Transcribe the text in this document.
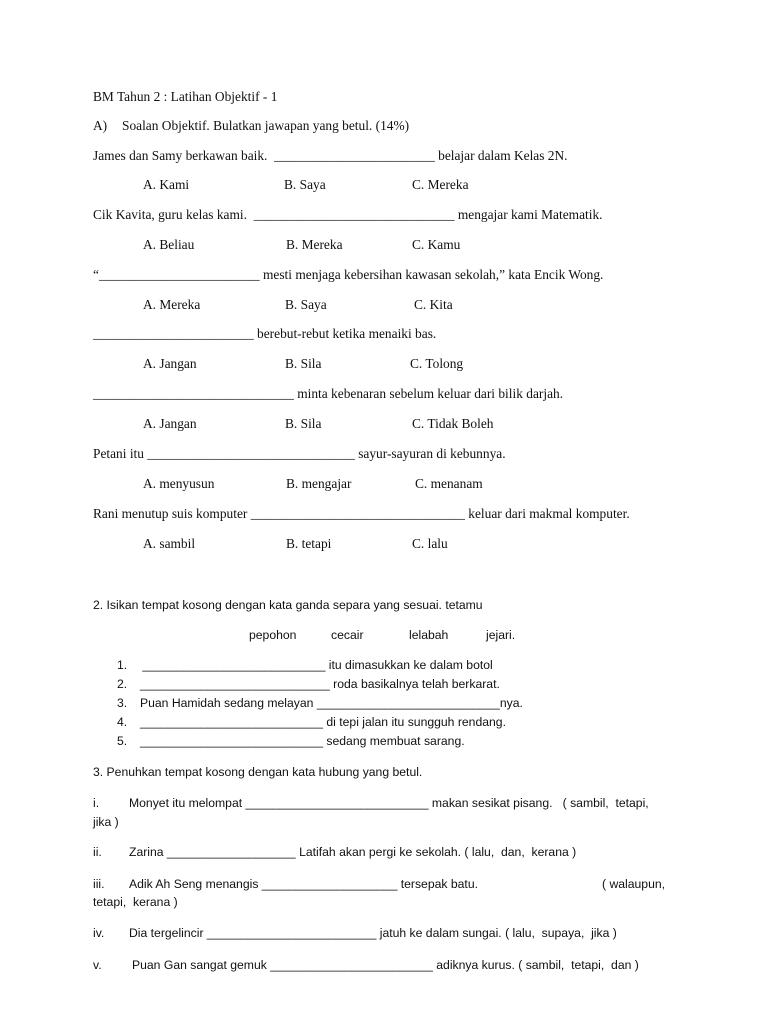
BM Tahun 2 : Latihan Objektif - 1
A) Soalan Objektif. Bulatkan jawapan yang betul. (14%)
James dan Samy berkawan baik.  ________________________ belajar dalam Kelas 2N.
A. Kami	B. Saya	C. Mereka
Cik Kavita, guru kelas kami.  ______________________________ mengajar kami Matematik.
A. Beliau	B. Mereka	C. Kamu
“________________________ mesti menjaga kebersihan kawasan sekolah,” kata Encik Wong.
A. Mereka	B. Saya	C. Kita
________________________ berebut-rebut ketika menaiki bas.
A. Jangan	B. Sila	C. Tolong
______________________________ minta kebenaran sebelum keluar dari bilik darjah.
A. Jangan	B. Sila	C. Tidak Boleh
Petani itu _______________________________ sayur-sayuran di kebunnya.
A. menyusun	B. mengajar	C. menanam
Rani menutup suis komputer ________________________________ keluar dari makmal komputer.
A. sambil	B. tetapi	C. lalu
2. Isikan tempat kosong dengan kata ganda separa yang sesuai. tetamu
pepohon	cecair	lelabah	jejari.
1. ___________________________ itu dimasukkan ke dalam botol
2. ____________________________ roda basikalnya telah berkarat.
3. Puan Hamidah sedang melayan ___________________________nya.
4. ___________________________ di tepi jalan itu sungguh rendang.
5. ___________________________ sedang membuat sarang.
3. Penuhkan tempat kosong dengan kata hubung yang betul.
i. Monyet itu melompat ___________________________ makan sesikat pisang.   ( sambil,  tetapi,
jika )
ii. Zarina ___________________ Latifah akan pergi ke sekolah. ( lalu,  dan,  kerana )
iii. Adik Ah Seng menangis ____________________ tersepak batu.	( walaupun,
tetapi,  kerana )
iv. Dia tergelincir _________________________ jatuh ke dalam sungai. ( lalu,  supaya,  jika )
v. Puan Gan sangat gemuk ________________________ adiknya kurus. ( sambil,  tetapi,  dan )
